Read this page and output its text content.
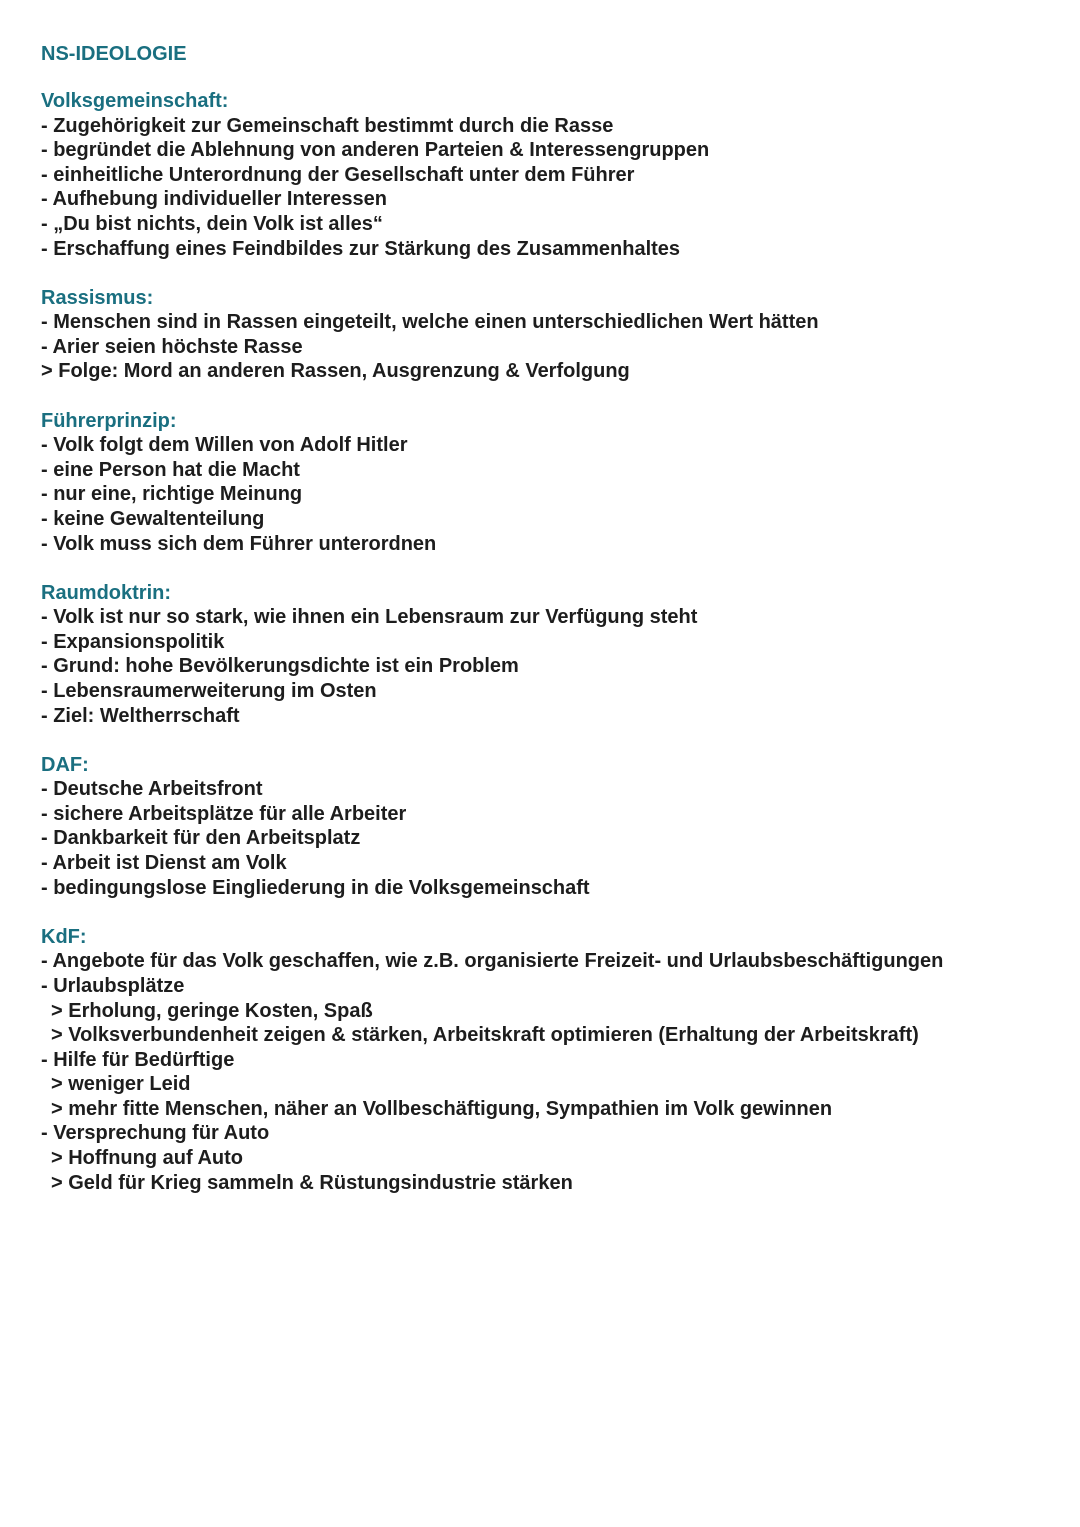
NS-IDEOLOGIE
Volksgemeinschaft:
- Zugehörigkeit zur Gemeinschaft bestimmt durch die Rasse
- begründet die Ablehnung von anderen Parteien & Interessengruppen
- einheitliche Unterordnung der Gesellschaft unter dem Führer
- Aufhebung individueller Interessen
- „Du bist nichts, dein Volk ist alles“
- Erschaffung eines Feindbildes zur Stärkung des Zusammenhaltes
Rassismus:
- Menschen sind in Rassen eingeteilt, welche einen unterschiedlichen Wert hätten
- Arier seien höchste Rasse
> Folge: Mord an anderen Rassen, Ausgrenzung & Verfolgung
Führerprinzip:
- Volk folgt dem Willen von Adolf Hitler
- eine Person hat die Macht
- nur eine, richtige Meinung
- keine Gewaltenteilung
- Volk muss sich dem Führer unterordnen
Raumdoktrin:
- Volk ist nur so stark, wie ihnen ein Lebensraum zur Verfügung steht
- Expansionspolitik
- Grund: hohe Bevölkerungsdichte ist ein Problem
- Lebensraumerweiterung im Osten
- Ziel: Weltherrschaft
DAF:
- Deutsche Arbeitsfront
- sichere Arbeitsplätze für alle Arbeiter
- Dankbarkeit für den Arbeitsplatz
- Arbeit ist Dienst am Volk
- bedingungslose Eingliederung in die Volksgemeinschaft
KdF:
- Angebote für das Volk geschaffen, wie z.B. organisierte Freizeit- und Urlaubsbeschäftigungen
- Urlaubsplätze
> Erholung, geringe Kosten, Spaß
> Volksverbundenheit zeigen & stärken, Arbeitskraft optimieren (Erhaltung der Arbeitskraft)
- Hilfe für Bedürftige
> weniger Leid
> mehr fitte Menschen, näher an Vollbeschäftigung, Sympathien im Volk gewinnen
- Versprechung für Auto
> Hoffnung auf Auto
> Geld für Krieg sammeln & Rüstungsindustrie stärken
